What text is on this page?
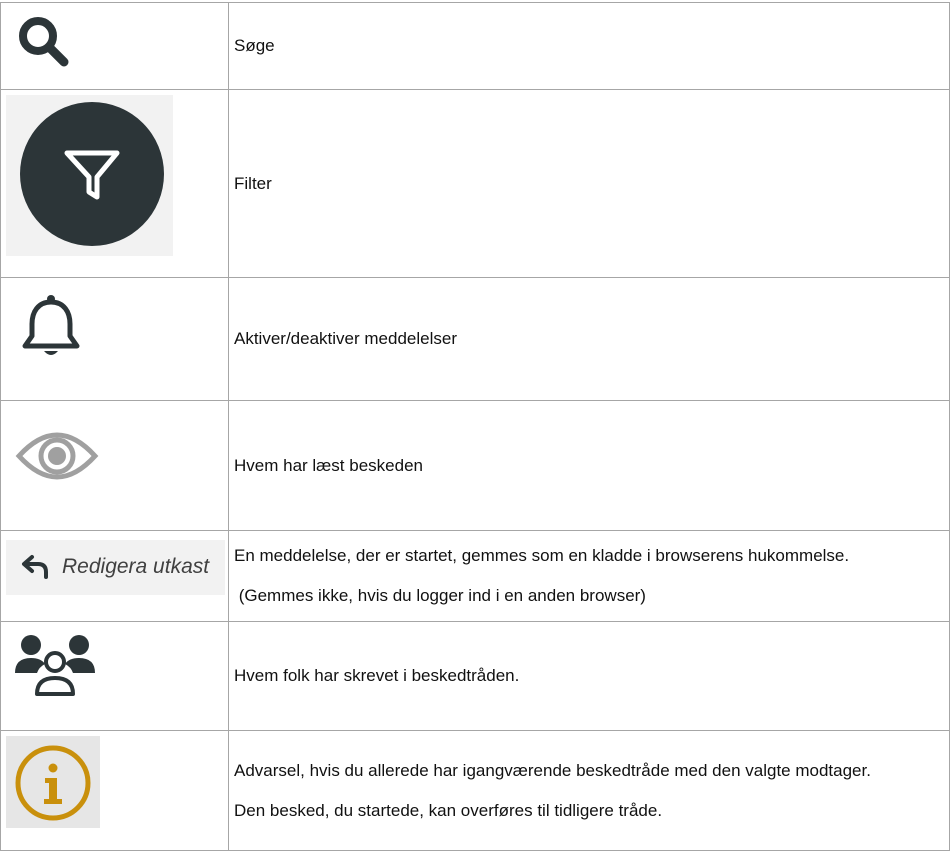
Søge

Filter

Aktiver/deaktiver meddelelser

Hvem har læst beskeden

Redigera utkast	En meddelelse, der er startet, gemmes som en kladde i browserens hukommelse.

(Gemmes ikke, hvis du logger ind i en anden browser)

Hvem folk har skrevet i beskedtråden.

Advarsel, hvis du allerede har igangværende beskedtråde med den valgte modtager.

Den besked, du startede, kan overføres til tidligere tråde.
